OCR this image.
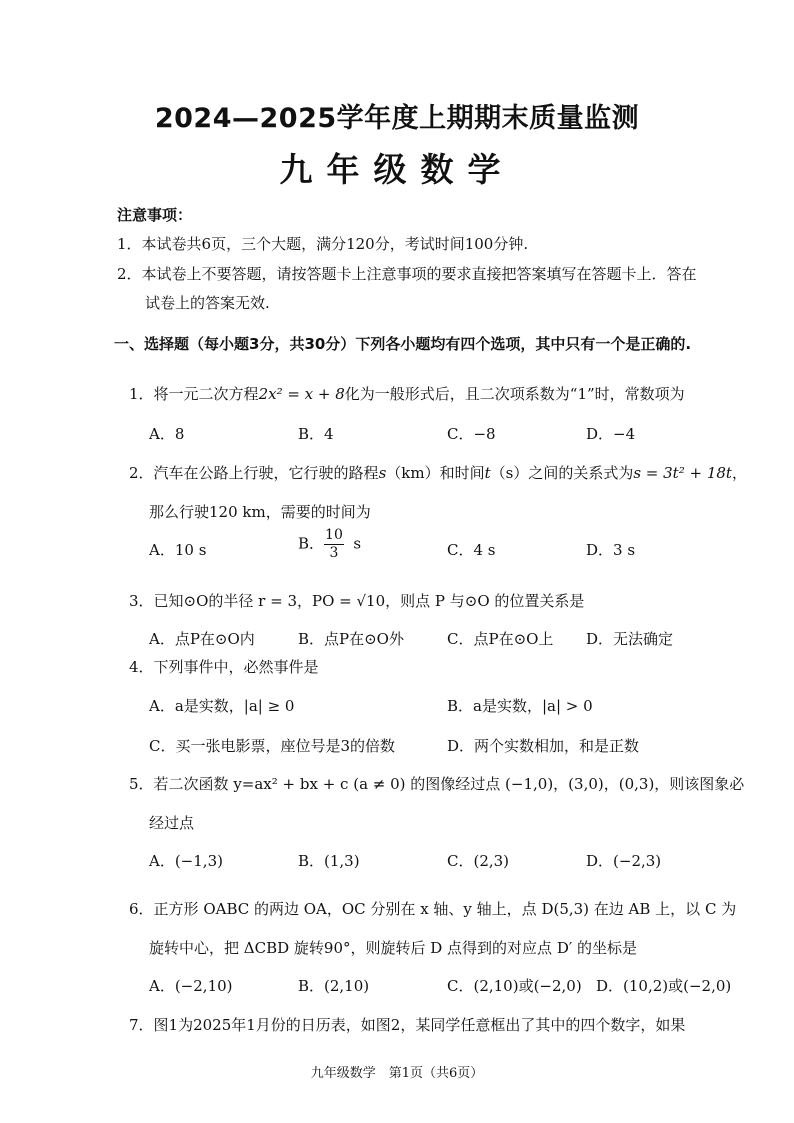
2024—2025学年度上期期末质量监测
九年级数学
注意事项：
1．本试卷共6页，三个大题，满分120分，考试时间100分钟.
2．本试卷上不要答题，请按答题卡上注意事项的要求直接把答案填写在答题卡上．答在
试卷上的答案无效.
一、选择题（每小题3分，共30分）下列各小题均有四个选项，其中只有一个是正确的.
1．将一元二次方程2x² = x + 8化为一般形式后，且二次项系数为“1”时，常数项为
A．8	B．4	C．−8	D．−4
2．汽车在公路上行驶，它行驶的路程s（km）和时间t（s）之间的关系式为s = 3t² + 18t，
那么行驶120 km，需要的时间为
A．10 s	B． $\frac{10}{3}$ s	C．4 s	D．3 s
3．已知⊙O的半径 r = 3，PO = √10，则点 P 与⊙O 的位置关系是
A．点P在⊙O内	B．点P在⊙O外	C．点P在⊙O上 D．无法确定
4．下列事件中，必然事件是
A．a是实数，|a| ≥ 0	B．a是实数，|a| > 0
C．买一张电影票，座位号是3的倍数	D．两个实数相加，和是正数
5．若二次函数 y=ax² + bx + c (a ≠ 0) 的图像经过点 (−1,0)，(3,0)，(0,3)，则该图象必
经过点
A．(−1,3)	B．(1,3)	C．(2,3)	D．(−2,3)
6．正方形 OABC 的两边 OA，OC 分别在 x 轴、y 轴上，点 D(5,3) 在边 AB 上，以 C 为
旋转中心，把 ΔCBD 旋转90°，则旋转后 D 点得到的对应点 D′ 的坐标是
A．(−2,10)	B．(2,10)	C．(2,10)或(−2,0) D．(10,2)或(−2,0)
7．图1为2025年1月份的日历表，如图2，某同学任意框出了其中的四个数字，如果
九年级数学　第1页（共6页）
